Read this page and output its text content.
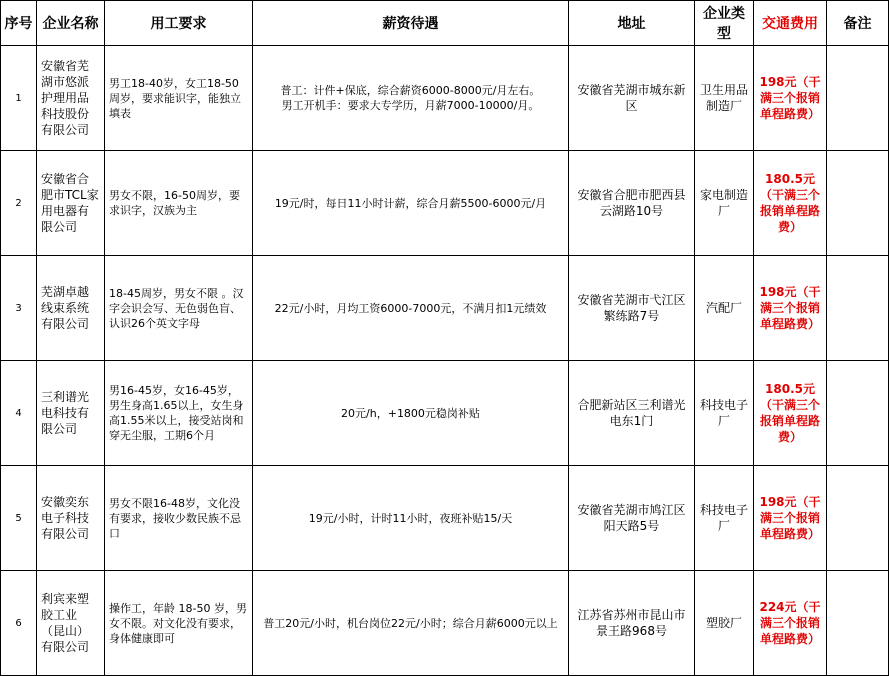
序号	企业名称	用工要求	薪资待遇	地址	企业类型	交通费用	备注
1	安徽省芜湖市悠派护理用品科技股份有限公司	男工18-40岁，女工18-50周岁，要求能识字，能独立填表	普工：计件+保底，综合薪资6000-8000元/月左右。
男工开机手：要求大专学历，月薪7000-10000/月。	安徽省芜湖市城东新区	卫生用品制造厂	198元（干满三个报销单程路费）	
2	安徽省合肥市TCL家用电器有限公司	男女不限，16-50周岁，要求识字，汉族为主	19元/时，每日11小时计薪，综合月薪5500-6000元/月	安徽省合肥市肥西县云湖路10号	家电制造厂	180.5元（干满三个报销单程路费）	
3	芜湖卓越线束系统有限公司	18-45周岁，男女不限 。汉字会识会写、无色弱色盲、认识26个英文字母	22元/小时，月均工资6000-7000元，不满月扣1元绩效	安徽省芜湖市弋江区繁练路7号	汽配厂	198元（干满三个报销单程路费）	
4	三利谱光电科技有限公司	男16-45岁，女16-45岁，男生身高1.65以上，女生身高1.55米以上，接受站岗和穿无尘服，工期6个月	20元/h，+1800元稳岗补贴	合肥新站区三利谱光电东1门	科技电子厂	180.5元（干满三个报销单程路费）	
5	安徽奕东电子科技有限公司	男女不限16-48岁，文化没有要求，接收少数民族不忌口	19元/小时，计时11小时，夜班补贴15/天	安徽省芜湖市鸠江区阳天路5号	科技电子厂	198元（干满三个报销单程路费）	
6	利宾来塑胶工业（昆山）有限公司	操作工，年龄 18-50 岁，男女不限。对文化没有要求，身体健康即可	普工20元/小时，机台岗位22元/小时；综合月薪6000元以上	江苏省苏州市昆山市景王路968号	塑胶厂	224元（干满三个报销单程路费）	
